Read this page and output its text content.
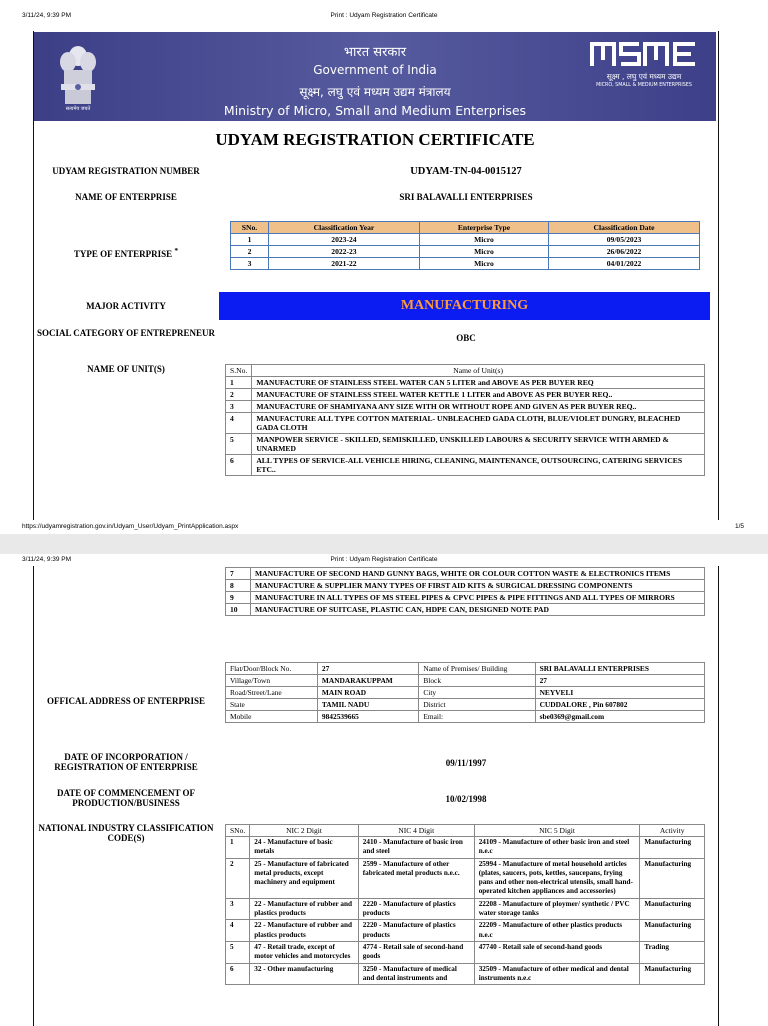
3/11/24, 9:39 PM	Print : Udyam Registration Certificate
सत्यमेव जयते
भारत सरकार
Government of India
सूक्ष्म, लघु एवं मध्यम उद्यम मंत्रालय
Ministry of Micro, Small and Medium Enterprises
msme
सूक्ष्म , लघु एवं मध्यम उद्यम
MICRO, SMALL & MEDIUM ENTERPRISES
UDYAM REGISTRATION CERTIFICATE
UDYAM REGISTRATION NUMBER	UDYAM-TN-04-0015127
NAME OF ENTERPRISE	SRI BALAVALLI ENTERPRISES
TYPE OF ENTERPRISE *
SNo.	Classification Year	Enterprise Type	Classification Date
1	2023-24	Micro	09/05/2023
2	2022-23	Micro	26/06/2022
3	2021-22	Micro	04/01/2022
MAJOR ACTIVITY	MANUFACTURING
SOCIAL CATEGORY OF ENTREPRENEUR	OBC
NAME OF UNIT(S)	S.No.	Name of Unit(s)
1	MANUFACTURE OF STAINLESS STEEL WATER CAN 5 LITER and ABOVE AS PER BUYER REQ
2	MANUFACTURE OF STAINLESS STEEL WATER KETTLE 1 LITER and ABOVE AS PER BUYER REQ..
3	MANUFACTURE OF SHAMIYANA ANY SIZE WITH OR WITHOUT ROPE AND GIVEN AS PER BUYER REQ..
4	MANUFACTURE ALL TYPE COTTON MATERIAL- UNBLEACHED GADA CLOTH, BLUE/VIOLET DUNGRY, BLEACHED GADA CLOTH
5	MANPOWER SERVICE - SKILLED, SEMISKILLED, UNSKILLED LABOURS & SECURITY SERVICE WITH ARMED & UNARMED
6	ALL TYPES OF SERVICE-ALL VEHICLE HIRING, CLEANING, MAINTENANCE, OUTSOURCING, CATERING SERVICES ETC..
https://udyamregistration.gov.in/Udyam_User/Udyam_PrintApplication.aspx	1/5
3/11/24, 9:39 PM	Print : Udyam Registration Certificate
7	MANUFACTURE OF SECOND HAND GUNNY BAGS, WHITE OR COLOUR COTTON WASTE & ELECTRONICS ITEMS
8	MANUFACTURE & SUPPLIER MANY TYPES OF FIRST AID KITS & SURGICAL DRESSING COMPONENTS
9	MANUFACTURE IN ALL TYPES OF MS STEEL PIPES & CPVC PIPES & PIPE FITTINGS AND ALL TYPES OF MIRRORS
10	MANUFACTURE OF SUITCASE, PLASTIC CAN, HDPE CAN, DESIGNED NOTE PAD
OFFICAL ADDRESS OF ENTERPRISE
Flat/Door/Block No.	27	Name of Premises/ Building	SRI BALAVALLI ENTERPRISES
Village/Town	MANDARAKUPPAM	Block	27
Road/Street/Lane	MAIN ROAD	City	NEYVELI
State	TAMIL NADU	District	CUDDALORE , Pin 607802
Mobile	9842539665	Email:	sbe0369@gmail.com
DATE OF INCORPORATION / REGISTRATION OF ENTERPRISE	09/11/1997
DATE OF COMMENCEMENT OF PRODUCTION/BUSINESS	10/02/1998
NATIONAL INDUSTRY CLASSIFICATION CODE(S)
SNo.	NIC 2 Digit	NIC 4 Digit	NIC 5 Digit	Activity
1	24 - Manufacture of basic metals	2410 - Manufacture of basic iron and steel	24109 - Manufacture of other basic iron and steel n.e.c	Manufacturing
2	25 - Manufacture of fabricated metal products, except machinery and equipment	2599 - Manufacture of other fabricated metal products n.e.c.	25994 - Manufacture of metal household articles (plates, saucers, pots, kettles, saucepans, frying pans and other non-electrical utensils, small hand-operated kitchen appliances and accessories)	Manufacturing
3	22 - Manufacture of rubber and plastics products	2220 - Manufacture of plastics products	22208 - Manufacture of ploymer/ synthetic / PVC water storage tanks	Manufacturing
4	22 - Manufacture of rubber and plastics products	2220 - Manufacture of plastics products	22209 - Manufacture of other plastics products n.e.c	Manufacturing
5	47 - Retail trade, except of motor vehicles and motorcycles	4774 - Retail sale of second-hand goods	47740 - Retail sale of second-hand goods	Trading
6	32 - Other manufacturing	3250 - Manufacture of medical and dental instruments and	32509 - Manufacture of other medical and dental instruments n.e.c	Manufacturing
